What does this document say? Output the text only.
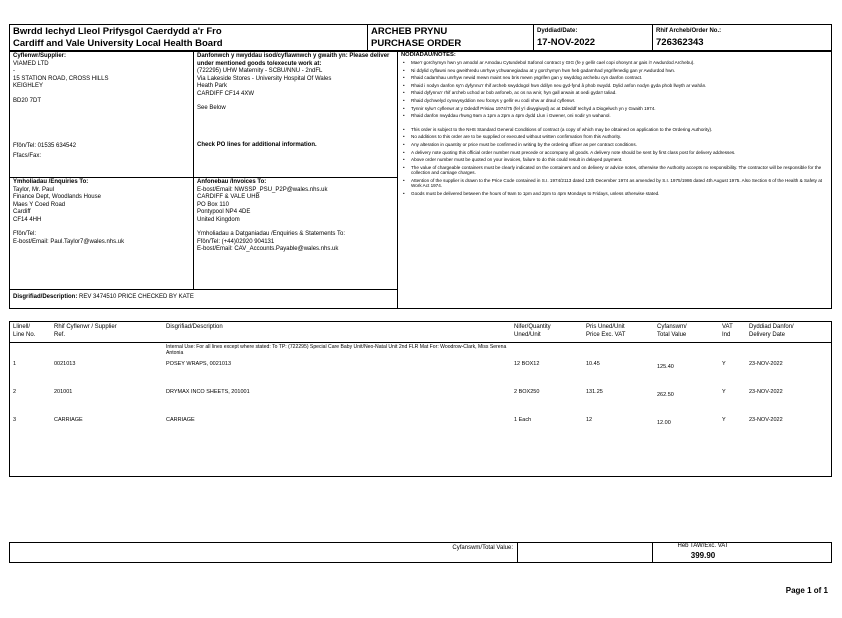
Bwrdd Iechyd Lleol Prifysgol Caerdydd a'r Fro
Cardiff and Vale University Local Health Board
ARCHEB PRYNU
PURCHASE ORDER
Dyddiad/Date:
17-NOV-2022
Rhif Archeb/Order No.:
726362343
Cyflenwr/Supplier:
VIAMED LTD
-
15 STATION ROAD, CROSS HILLS
KEIGHLEY

BD20 7DT
Ffôn/Tel: 01535 634542
Ffacs/Fax:
Danfonwch y nwyddau isod/cyflawnwch y gwaith yn: Please deliver under mentioned goods to/execute work at:
(722295) UHW Maternity - SCBU/NNU - 2ndFL
Via Lakeside Stores - University Hospital Of Wales
Heath Park
CARDIFF CF14 4XW
See Below
Check PO lines for additional information.
NODIADAU/NOTES:
• Mae'r gorchymyn hwn yn amodol ar Amodau Cytundebol Safonol contract y GIG (fe y gellir cael copi ohonynt ar gais i'r Awdurdod Archebu).
• Ni ddylid cyflawni neu gweithredu unrhyw ychwanegiadau at y gorchymyn hwn heb gadarnhad ysgrifenedig gan yr Awdurdod hwn.
• Rhaid cadarnhau unrhyw newid mewn maint neu bris mewn ysgrifen gan y swyddog archebu cyn danfon contract.
• Rhaid i nodyn danfon sy'n dyfynnu'r rhif archeb swyddogol hwn ddilyn neu gyd-fynd â phob nwydd. Dylid anfon nodyn gyda phob llwyth ar wahân.
• Rhaid dyfynnu'r rhif archeb uchod ar bob anfoneb, ac os na wnir, hyn gall arwain at oedi gyda'r taliad.
• Rhaid dychwelyd cynwysyddion neu focsys y gellir eu codi nhw ar draul cyflenwr.
• Tynnir sylw'r cyflenwr at y Ddeddf Prisiau 1974/75 (fel y'i diwygiwyd) ac at Ddeddf Iechyd a Diogelwch yn y Gwaith 1974.
• Rhaid danfon nwyddau rhwng 9am a 1pm a 2pm a 4pm dydd Llun i Gwener, oni nodir yn wahanol.
• This order is subject to the NHS Standard General Conditions of contract (a copy of which may be obtained on application to the Ordering Authority).
• No additions to this order are to be supplied or executed without written confirmation from this Authority.
• Any alteration in quantity or price must be confirmed in writing by the ordering officer as per contract conditions.
• A delivery note quoting this official order number must precede or accompany all goods. A delivery note should be sent by first class post for delivery addresses.
• Above order number must be quoted on your invoices, failure to do this could result in delayed payment.
• The value of chargeable containers must be clearly indicated on the containers and on delivery or advice notes, otherwise the Authority accepts no responsibility. The contractor will be responsible for the collection and carriage charges.
• Attention of the supplier is drawn to the Price Code contained in S.I. 1974/2113 dated 12th December 1974 as amended by S.I. 1975/1986 dated 4th August 1975. Also Section 6 of the Health & Safety at Work Act 1974.
• Goods must be delivered between the hours of 9am to 1pm and 2pm to 4pm Mondays to Fridays, unless otherwise stated.
Ymholiadau /Enquiries To:
Taylor, Mr. Paul
Finance Dept, Woodlands House
Maes Y Coed Road
Cardiff
CF14 4HH
Ffôn/Tel:
E-bost/Email: Paul.Taylor7@wales.nhs.uk
Anfonebau /Invoices To:
E-bost/Email: NWSSP_PSU_P2P@wales.nhs.uk
CARDIFF & VALE UHB
PO Box 110
Pontypool NP4 4DE
United Kingdom
Ymholiadau a Datganiadau /Enquiries & Statements To:
Ffôn/Tel: (+44)02920 904131
E-bost/Email: CAV_Accounts.Payable@wales.nhs.uk
Disgrifiad/Description: REV 3474510 PRICE CHECKED BY KATE
Llinell/
Line No.
Rhif Cyflenwr / Supplier
Ref.
Disgrifiad/Description	Nifer/Quantity
Uned/Unit
Pris Uned/Unit
Price Exc. VAT
Cyfanswm/
Total Value
VAT
Ind
Dyddiad Danfon/
Delivery Date
Internal Use: For all lines except where stated: To TP: (722295) Special Care Baby Unit/Neo-Natal Unit 2nd FLR Mat For: Woodrow-Clark, Miss Serena Antonia
1	0021013	POSEY WRAPS, 0021013	12 BOX12	10.45	125.40	Y	23-NOV-2022
2	201001	DRYMAX INCO SHEETS, 201001	2 BOX250	131.25	262.50	Y	23-NOV-2022
3	CARRIAGE	CARRIAGE	1 Each	12	12.00	Y	23-NOV-2022
Cyfanswm/Total Value:	Heb TAW/Exc. VAT
399.90
Page 1 of 1
